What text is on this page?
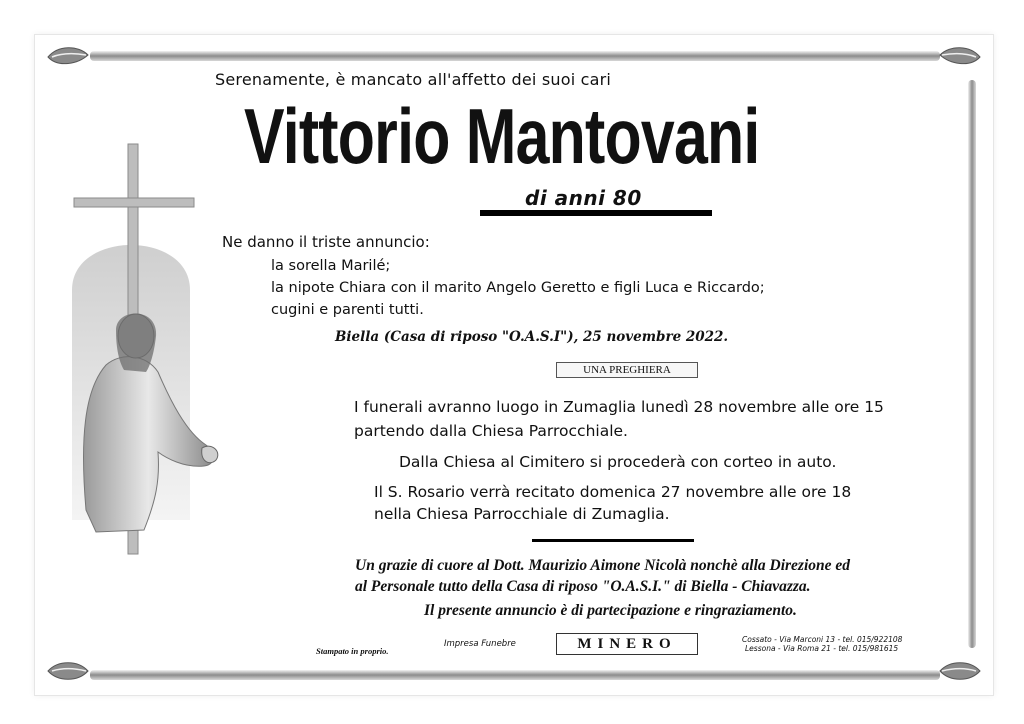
Serenamente, è mancato all'affetto dei suoi cari
Vittorio Mantovani
di anni 80
Ne danno il triste annuncio:
la sorella Marilé;
la nipote Chiara con il marito Angelo Geretto e figli Luca e Riccardo;
cugini e parenti tutti.
Biella (Casa di riposo "O.A.S.I"), 25 novembre 2022.
UNA PREGHIERA
I funerali avranno luogo in Zumaglia lunedì 28 novembre alle ore 15
partendo dalla Chiesa Parrocchiale.
Dalla Chiesa al Cimitero si procederà con corteo in auto.
Il S. Rosario verrà recitato domenica 27 novembre alle ore 18
nella Chiesa Parrocchiale di Zumaglia.
Un grazie di cuore al Dott. Maurizio Aimone Nicolà nonchè alla Direzione ed
al Personale tutto della Casa di riposo "O.A.S.I." di Biella - Chiavazza.
Il presente annuncio è di partecipazione e ringraziamento.
Stampato in proprio.
Impresa Funebre	MINERO	Cossato - Via Marconi 13 - tel. 015/922108
Lessona - Via Roma 21 - tel. 015/981615
